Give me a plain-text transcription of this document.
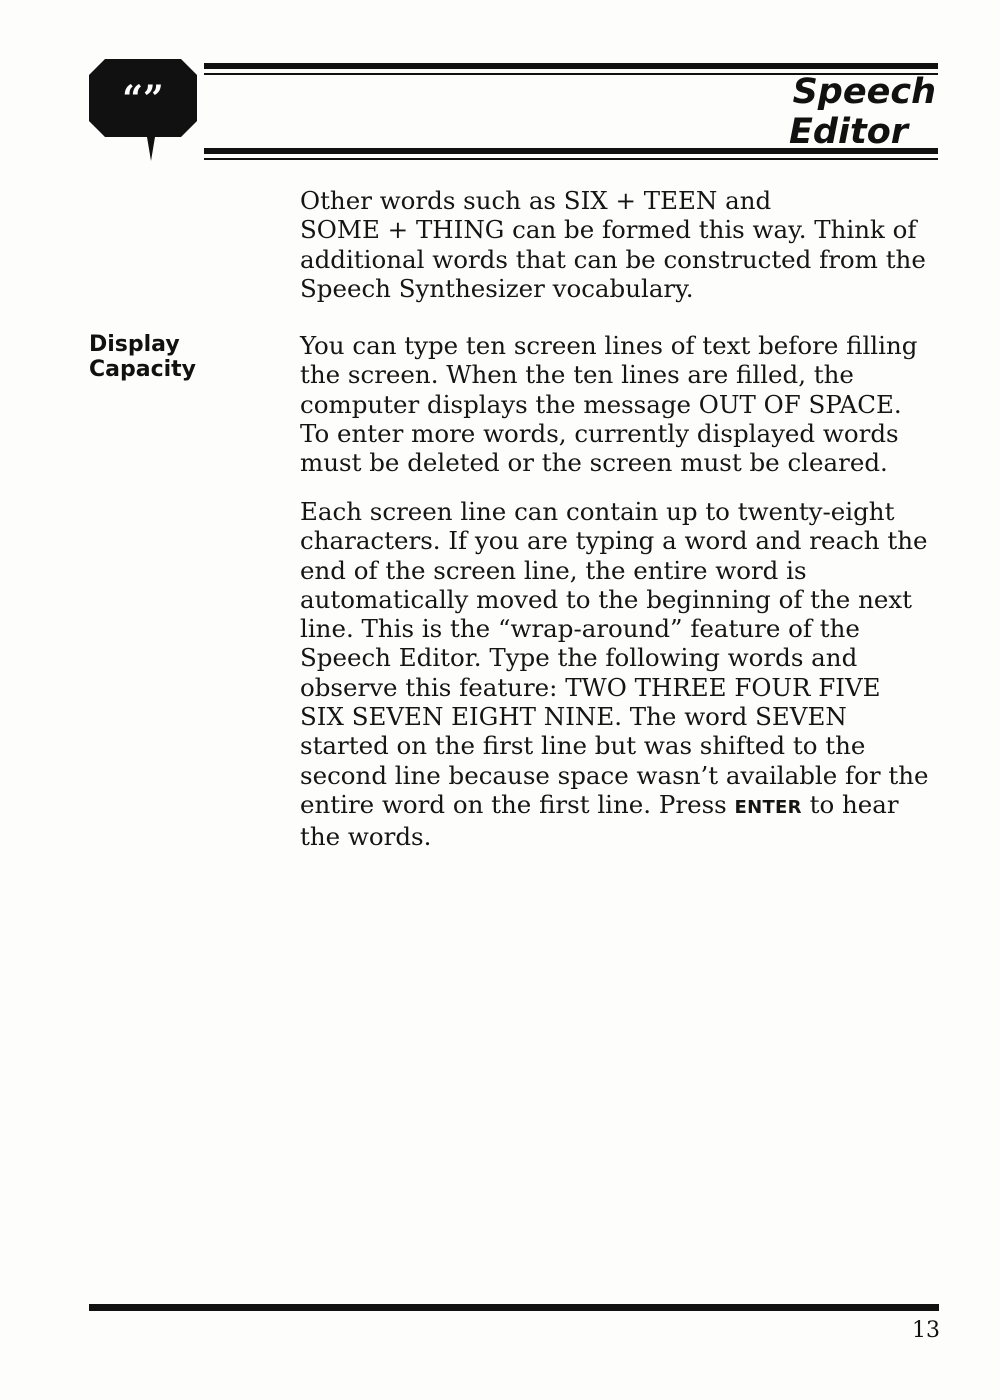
“”	Speech
Editor
Other words such as SIX + TEEN and
SOME + THING can be formed this way. Think of
additional words that can be constructed from the
Speech Synthesizer vocabulary.
Display
Capacity
You can type ten screen lines of text before filling
the screen. When the ten lines are filled, the
computer displays the message OUT OF SPACE.
To enter more words, currently displayed words
must be deleted or the screen must be cleared.
Each screen line can contain up to twenty-eight
characters. If you are typing a word and reach the
end of the screen line, the entire word is
automatically moved to the beginning of the next
line. This is the “wrap-around” feature of the
Speech Editor. Type the following words and
observe this feature: TWO THREE FOUR FIVE
SIX SEVEN EIGHT NINE. The word SEVEN
started on the first line but was shifted to the
second line because space wasn’t available for the
entire word on the first line. Press ENTER to hear
the words.
13
